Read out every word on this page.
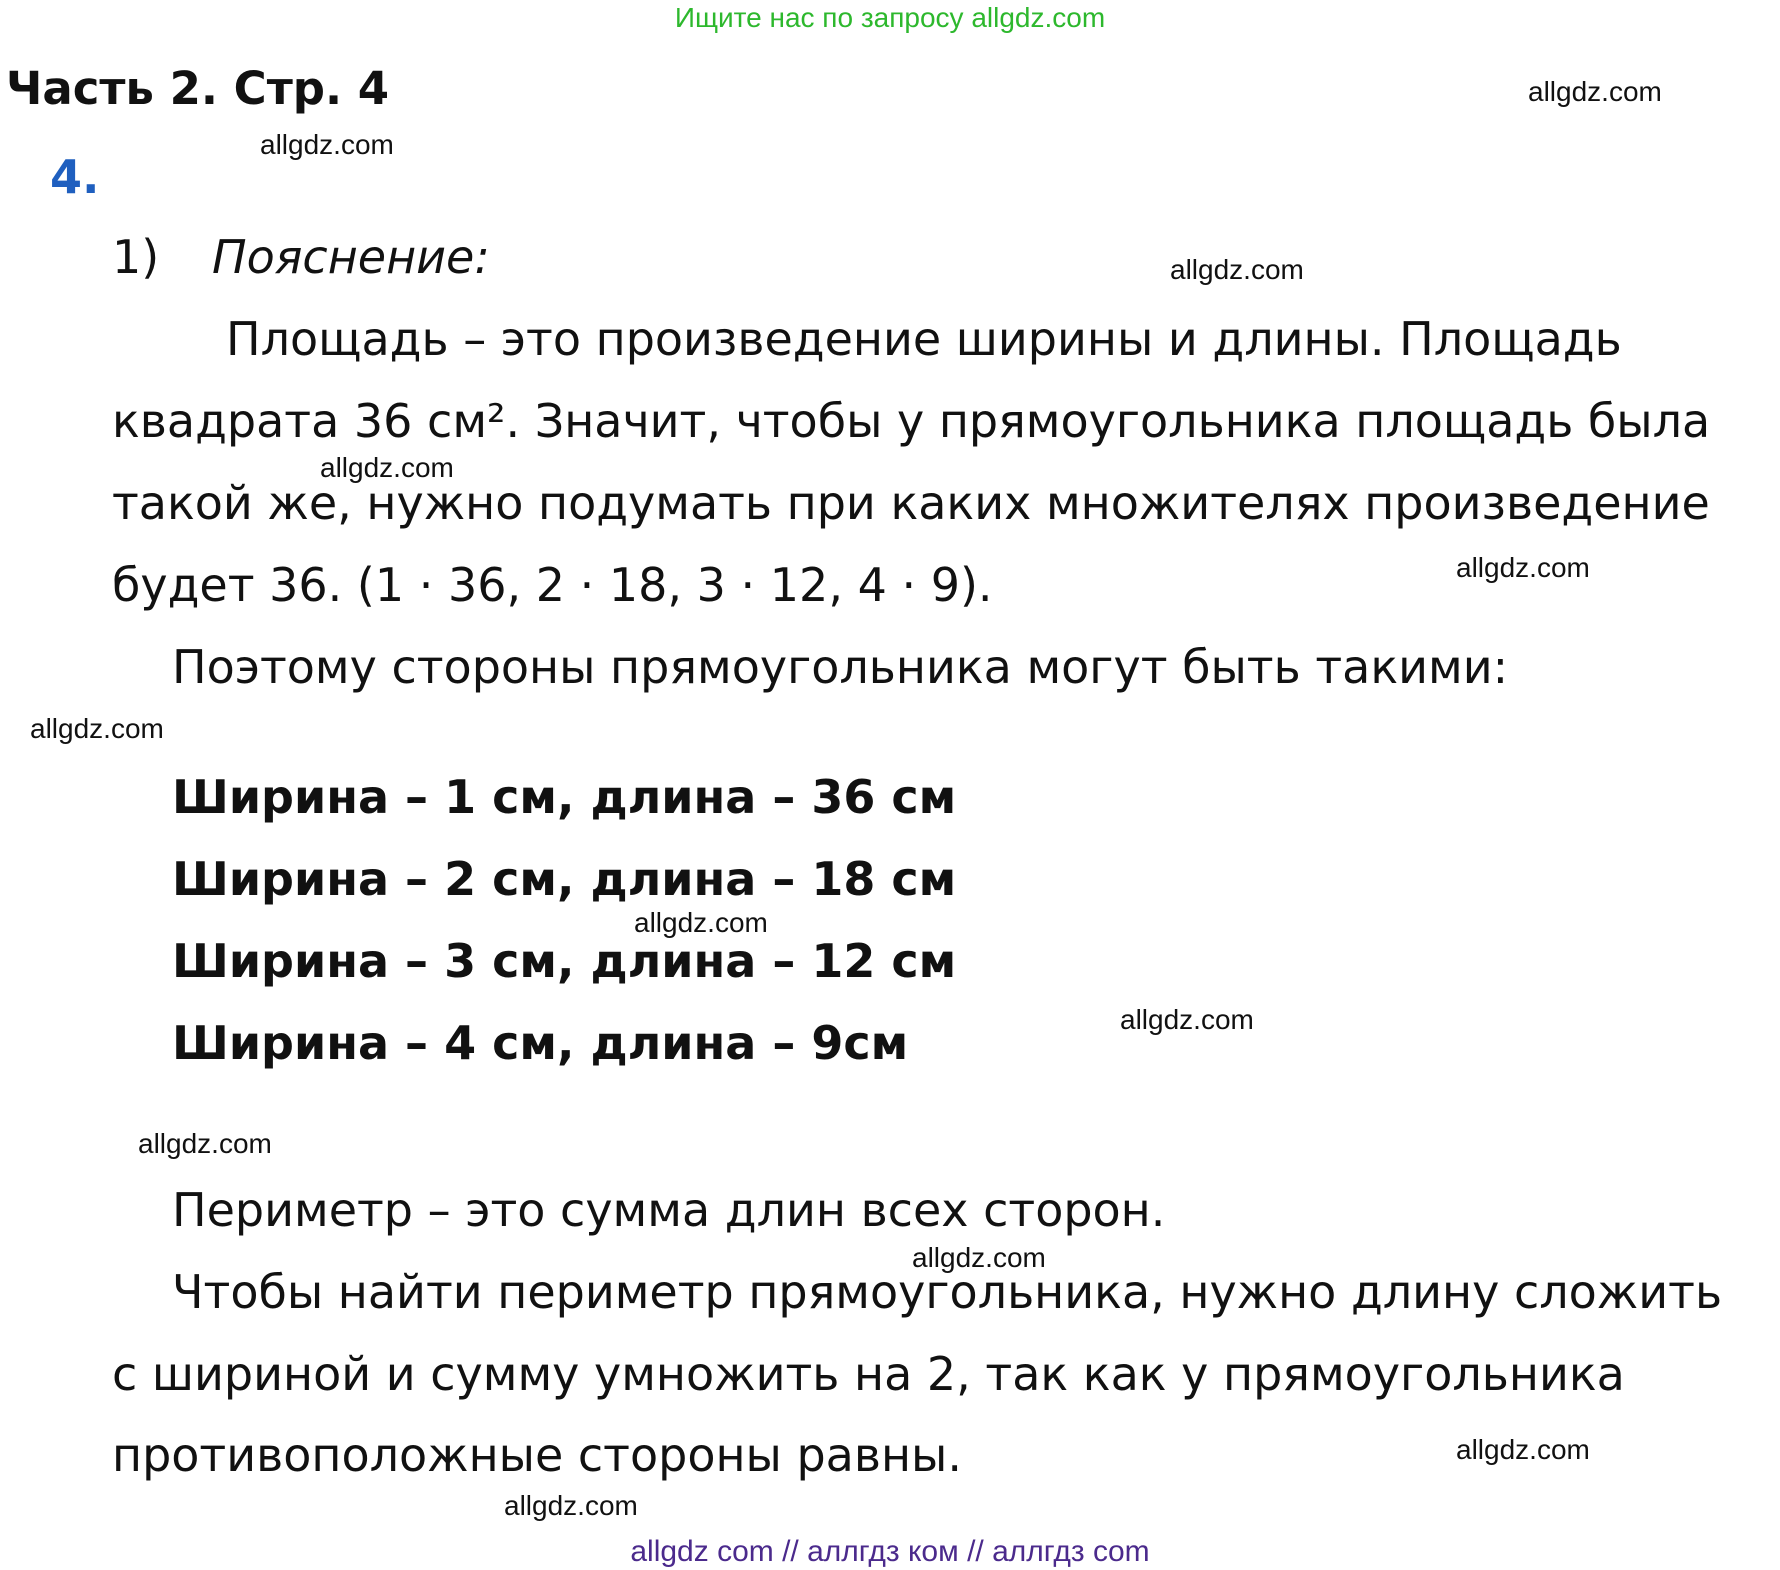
Ищите нас по запросу allgdz.com
Часть 2. Стр. 4
4.
1) Пояснение:
Площадь – это произведение ширины и длины. Площадь
квадрата 36 см². Значит, чтобы у прямоугольника площадь была
такой же, нужно подумать при каких множителях произведение
будет 36. (1 · 36, 2 · 18, 3 · 12, 4 · 9).
Поэтому стороны прямоугольника могут быть такими:
Ширина – 1 см, длина – 36 см
Ширина – 2 см, длина – 18 см
Ширина – 3 см, длина – 12 см
Ширина – 4 см, длина – 9см
Периметр – это сумма длин всех сторон.
Чтобы найти периметр прямоугольника, нужно длину сложить
с шириной и сумму умножить на 2, так как у прямоугольника
противоположные стороны равны.
allgdz.com
allgdz.com
allgdz.com
allgdz.com
allgdz.com
allgdz.com
allgdz.com
allgdz.com
allgdz.com
allgdz.com
allgdz.com
allgdz.com
allgdz com // аллгдз ком // аллгдз com
